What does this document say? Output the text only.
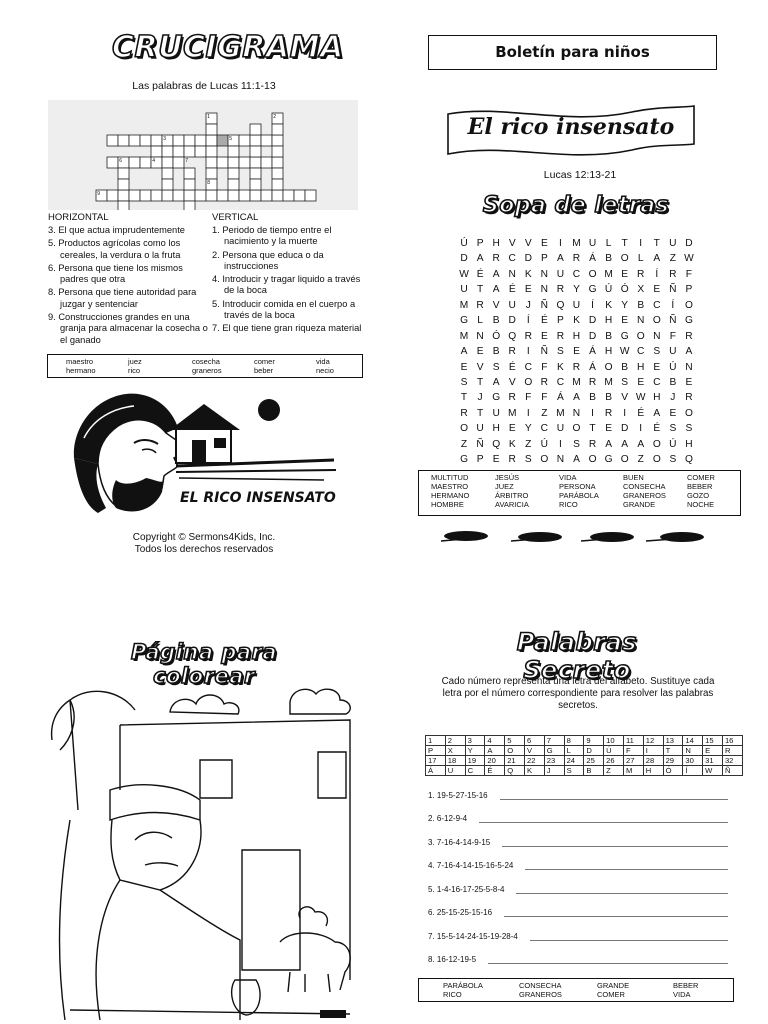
CRUCIGRAMA
Las palabras de Lucas 11:1-13
1	2
3
4
5
6	7
8
9
HORIZONTAL

3. El que actua imprudentemente

5. Productos agrícolas como los cereales, la verdura o la fruta

6. Persona que tiene los mismos padres que otra

8. Persona que tiene autoridad para juzgar y sentenciar

9. Construcciones grandes en una granja para almacenar la cosecha o el ganado

VERTICAL

1. Periodo de tiempo entre el nacimiento y la muerte

2. Persona que educa o da instrucciones

4. Introducir y tragar liquido a través de la boca

5. Introducir comida en el cuerpo a través de la boca

7. El que tiene gran riqueza material

maestro	juez	cosecha	comer	vida
hermano	rico	graneros	beber	necio
EL RICO INSENSATO
Copyright © Sermons4Kids, Inc.
Todos los derechos reservados
Boletín para niños
El rico insensato
Lucas 12:13-21
Sopa de letras
Ú P H V V E	I	M U L T	I	T U D
D A R C D P A R Á B O L A Z W
W É A N K N U C O M E R	Í	R F
U T A É E N R Y G Ú Ó X E Ñ P
M R V U J Ñ Q U	Í	K Y B C	Í	O
G L B D	Í	É P K D H E N O Ñ G
M N Ó Q R E R H D B G O N F R
A E B R	I	Ñ S E Á H W C S U A
E V S É C F K R Á O B H E Ú N
S T A V O R C M R M S E C B E
T	J G R F F Á A B B V W H J R
R T U M	I	Z M N	I	R	I	É A E O
O U H E Y C U O T E D	I	É S S
Z Ñ Q K Z Ú	I	S R A A A O Ú H
G P E R S O N A O G O Z O S Q
MULTITUD	JESÚS	VIDA	BUEN	COMER
MAESTRO	JUEZ	PERSONA	CONSECHA	BEBER
HERMANO	ÁRBITRO	PARÁBOLA	GRANEROS	GOZO
HOMBRE	AVARICIA	RICO	GRANDE	NOCHE
Página para colorear
Palabras Secreto
Cado número representa una letra del alfabeto. Sustituye cada letra por el número correspondiente para resolver las palabras secretos.
1	2	3	4	5	6	7	8	9	10	11	12	13	14	15	16
P	X	Y	A	O	V	G	L	D	Ú	F	I	T	N	E	R
17	18	19	20	21	22	23	24	25	26	27	28	29	30	31	32
Á	U	C	É	Q	K	J	S	B	Z	M	H	Ó	Í	W	Ñ
1. 19-5-27-15-16
2. 6-12-9-4
3. 7-16-4-14-9-15
4. 7-16-4-14-15-16-5-24
5. 1-4-16-17-25-5-8-4
6. 25-15-25-15-16
7. 15-5-14-24-15-19-28-4
8. 16-12-19-5
PARÁBOLA	CONSECHA	GRANDE	BEBER
RICO	GRANEROS	COMER	VIDA
